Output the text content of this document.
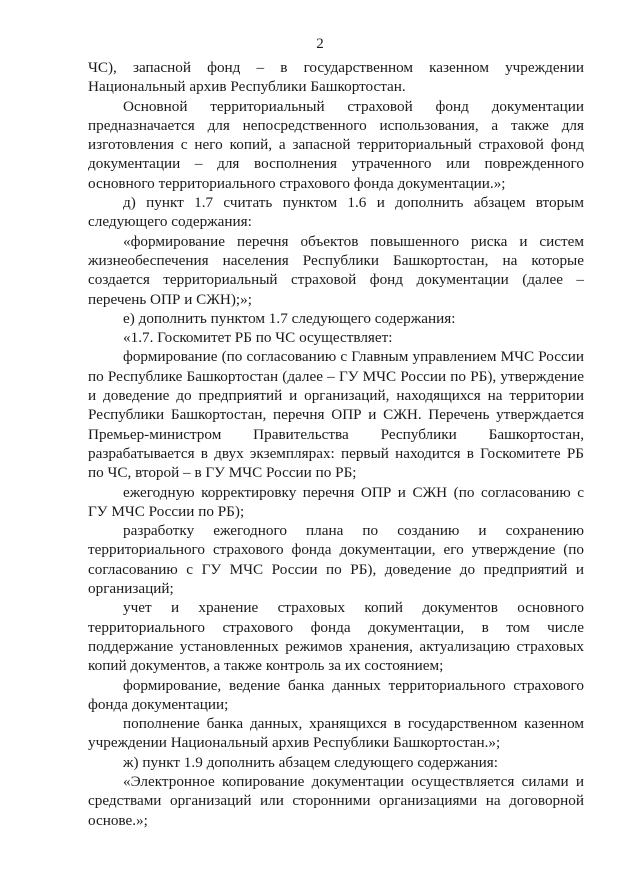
2

ЧС), запасной фонд – в государственном казенном учреждении Национальный архив Республики Башкортостан.

Основной территориальный страховой фонд документации предназначается для непосредственного использования, а также для изготовления с него копий, а запасной территориальный страховой фонд документации – для восполнения утраченного или поврежденного основного территориального страхового фонда документации.»;

д) пункт 1.7 считать пунктом 1.6 и дополнить абзацем вторым следующего содержания:

«формирование перечня объектов повышенного риска и систем жизнеобеспечения населения Республики Башкортостан, на которые создается территориальный страховой фонд документации (далее – перечень ОПР и СЖН);»;

е) дополнить пунктом 1.7 следующего содержания:

«1.7. Госкомитет РБ по ЧС осуществляет:

формирование (по согласованию с Главным управлением МЧС России по Республике Башкортостан (далее – ГУ МЧС России по РБ), утверждение и доведение до предприятий и организаций, находящихся на территории Республики Башкортостан, перечня ОПР и СЖН. Перечень утверждается Премьер-министром Правительства Республики Башкортостан, разрабатывается в двух экземплярах: первый находится в Госкомитете РБ по ЧС, второй – в ГУ МЧС России по РБ;

ежегодную корректировку перечня ОПР и СЖН (по согласованию с ГУ МЧС России по РБ);

разработку ежегодного плана по созданию и сохранению территориального страхового фонда документации, его утверждение (по согласованию с ГУ МЧС России по РБ), доведение до предприятий и организаций;

учет и хранение страховых копий документов основного территориального страхового фонда документации, в том числе поддержание установленных режимов хранения, актуализацию страховых копий документов, а также контроль за их состоянием;

формирование, ведение банка данных территориального страхового фонда документации;

пополнение банка данных, хранящихся в государственном казенном учреждении Национальный архив Республики Башкортостан.»;

ж) пункт 1.9 дополнить абзацем следующего содержания:

«Электронное копирование документации осуществляется силами и средствами организаций или сторонними организациями на договорной основе.»;
